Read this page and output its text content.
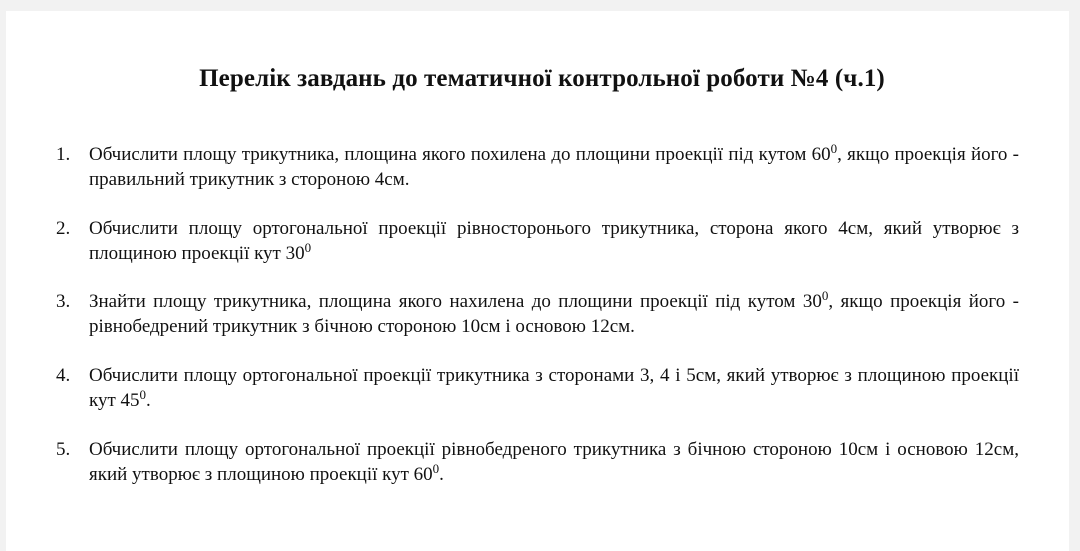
Перелік завдань до тематичної контрольної роботи №4 (ч.1)
1. Обчислити площу трикутника, площина якого похилена до площини проекції під кутом $60^0$, якщо проекція його - правильний трикутник з стороною 4см.
2. Обчислити площу ортогональної проекції рівносторонього трикутника, сторона якого 4см, який утворює з площиною проекції кут $30^0$
3. Знайти площу трикутника, площина якого нахилена до площини проекції під кутом $30^0$, якщо проекція його - рівнобедрений трикутник з бічною стороною 10см і основою 12см.
4. Обчислити площу ортогональної проекції трикутника з сторонами 3, 4 і 5см, який утворює з площиною проекції кут $45^0$.
5. Обчислити площу ортогональної проекції рівнобедреного трикутника з бічною стороною 10см і основою 12см, який утворює з площиною проекції кут $60^0$.
